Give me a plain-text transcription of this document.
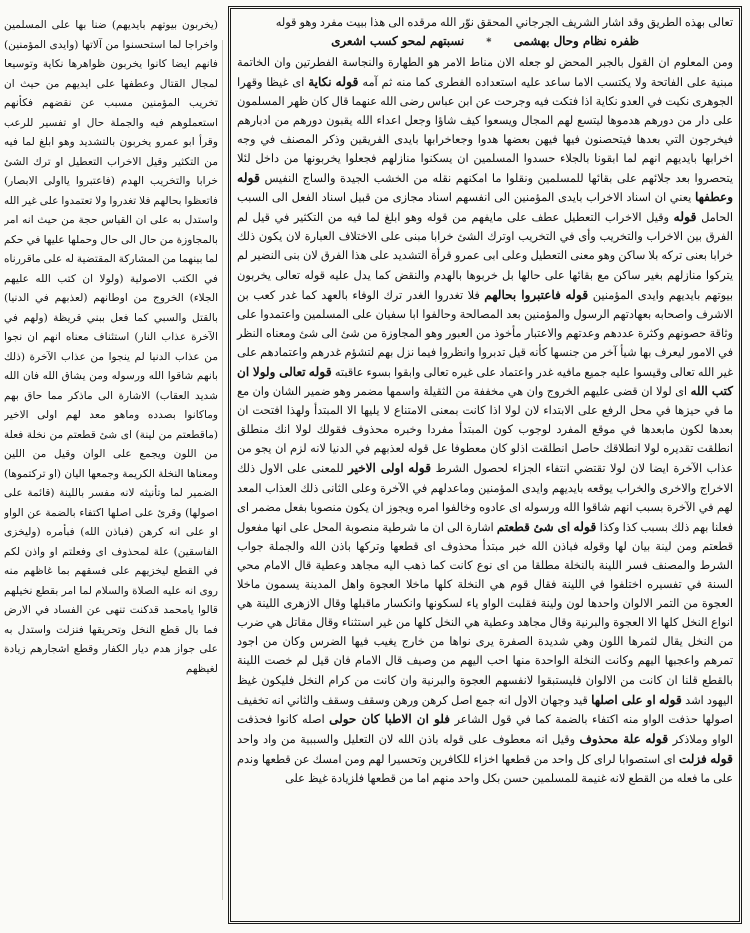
(يخربون بيوتهم بايديهم) ضنا بها على المسلمين واخراجا لما استحسنوا من آلاتها (وايدى المؤمنين) فانهم ايضا كانوا يخربون ظواهرها نكاية وتوسيعا لمجال القتال وعطفها على ايديهم من حيث ان تخريب المؤمنين مسبب عن نقضهم فكأنهم استعملوهم فيه والجملة حال او تفسير للرعب وقرأ ابو عمرو يخربون بالتشديد وهو ابلغ لما فيه من التكثير وقيل الاخراب التعطيل او ترك الشئ خرابا والتخريب الهدم (فاعتبروا يااولى الابصار) فاتعظوا بحالهم فلا تغدروا ولا تعتمدوا على غير الله واستدل به على ان القياس حجة من حيث انه امر بالمجاوزة من حال الى حال وحملها عليها في حكم لما بينهما من المشاركة المقتضية له على ماقررناه في الكتب الاصولية (ولولا ان كتب الله عليهم الجلاء) الخروج من اوطانهم (لعذبهم في الدنيا) بالقتل والسبي كما فعل ببني قريظة (ولهم في الآخرة عذاب النار) استئناف معناه انهم ان نجوا من عذاب الدنيا لم ينجوا من عذاب الآخرة (ذلك بانهم شاقوا الله ورسوله ومن يشاق الله فان الله شديد العقاب) الاشارة الى ماذكر مما حاق بهم وماكانوا بصدده وماهو معد لهم اولى الاخير (ماقطعتم من لينة) اى شئ قطعتم من نخلة فعلة من اللون ويجمع على الوان وقيل من اللين ومعناها النخلة الكريمة وجمعها اليان (او تركتموها) الضمير لما وتأنيثه لانه مفسر باللينة (قائمة على اصولها) وقرئ على اصلها اكتفاء بالضمة عن الواو او على انه كرهن (فباذن الله) فبأمره (وليخزى الفاسقين) علة لمحذوف اى وفعلتم او واذن لكم في القطع ليخزيهم على فسقهم بما غاظهم منه روى انه عليه الصلاة والسلام لما امر بقطع نخيلهم قالوا يامحمد قدكنت تنهى عن الفساد في الارض فما بال قطع النخل وتحريقها فنزلت واستدل به على جواز هدم ديار الكفار وقطع اشجارهم زيادة لغيظهم
تعالى بهذه الطريق وقد اشار الشريف الجرجاني المحقق نوّر الله مرقده الى هذا ببيت مفرد وهو قوله
ظفره نظام وحال بهشمى * نسبتهم لمحو كسب اشعرى
ومن المعلوم ان القول بالجبر المحض لو جعله الان مناط الامر هو الطهارة والنجاسة الفطرتين وان الخاتمة مبنية على الفاتحة ولا يكتسب الاما ساعد عليه استعداده الفطرى كما منه ثم آمه قوله نكاية اى غيظا وقهرا الجوهرى نكيت في العدو نكاية اذا فتكت فيه وجرحت عن ابن عباس رضى الله عنهما قال كان ظهر المسلمون على دار من دورهم هدموها ليتسع لهم المجال ويسعوا كيف شاؤا وجعل اعداء الله يقبون دورهم من ادبارهم فيخرجون التي بعدها فيتحصنون فيها فيهن بعضها هدوا وجعاخرابها بايدى الفريقين وذكر المصنف في وجه اخرابها بايديهم انهم لما ابقونا بالجلاء حسدوا المسلمين ان يسكنوا منازلهم فجعلوا يخربونها من داخل لئلا يتحصروا بعد جلائهم على بقائها للمسلمين ونقلوا ما امكنهم نقله من الخشب الجيدة والساج النفيس قوله وعطفها يعني ان اسناد الاخراب بايدى المؤمنين الى انفسهم اسناد مجازى من قبيل اسناد الفعل الى السبب الحامل قوله وقيل الاخراب التعطيل عطف على مايفهم من قوله وهو ابلغ لما فيه من التكثير في قيل لم الفرق بين الاخراب والتخريب وأى في التخريب اوترك الشئ خرابا مبنى على الاختلاف العبارة لان يكون ذلك خرابا بعنى تركه بلا ساكن وهو معنى التعطيل وعلى ابى عمرو قرأة التشديد على هذا الفرق لان بنى النضير لم يتركوا منازلهم بغير ساكن مع بقائها على حالها بل خربوها بالهدم والنقض كما يدل عليه قوله تعالى يخربون بيوتهم بايديهم وايدى المؤمنين قوله فاعتبروا بحالهم فلا تغدروا الغدر ترك الوفاء بالعهد كما غدر كعب بن الاشرف واصحابه بعهادتهم الرسول والمؤمنين بعد المصالحة وحالفوا ابا سفيان على المسلمين واعتمدوا على وثاقة حصونهم وكثرة عددهم وعدتهم والاعتبار مأخوذ من العبور وهو المجاوزة من شئ الى شئ ومعناه النظر في الامور ليعرف بها شيأ آخر من جنسها كأنه قيل تدبروا وانظروا فيما نزل بهم لتشؤم غدرهم واعتمادهم على غير الله تعالى وقيسوا عليه جميع مافيه غدر واعتماد على غيره تعالى وابقوا بسوء عاقبته قوله تعالى ولولا ان كتب الله اى لولا ان قضى عليهم الخروج وان هي مخففة من الثقيلة واسمها مضمر وهو ضمير الشان وان مع ما في حيزها في محل الرفع على الابتداء لان لولا اذا كانت بمعنى الامتناع لا يليها الا المبتدأ ولهذا افتحت ان بعدها لكون مابعدها في موقع المفرد لوجوب كون المبتدأ مفردا وخبره محذوف فقولك لولا انك منطلق انطلقت تقديره لولا انطلاقك حاصل انطلقت اذلو كان معطوفا عل قوله لعذبهم في الدنيا لانه لزم ان يجو من عذاب الآخرة ايضا لان لولا تقتضي انتفاء الجزاء لحصول الشرط قوله اولى الاخير للمعنى على الاول ذلك الاخراج والاخرى والخراب يوقعه بايديهم وايدى المؤمنين وماعدلهم في الآخرة وعلى الثانى ذلك العذاب المعد لهم في الآخرة بسبب انهم شاقوا الله ورسوله اى عادوه وخالفوا امره ويجوز ان يكون منصوبا بفعل مضمر اى فعلنا بهم ذلك بسبب كذا وكذا قوله اى شئ قطعتم اشارة الى ان ما شرطية منصوبة المحل على انها مفعول قطعتم ومن لينة بيان لها وقوله فباذن الله خبر مبتدأ محذوف اى قطعها وتركها باذن الله والجملة جواب الشرط والمصنف فسر اللينة بالنخلة مطلقا من اى نوع كانت كما ذهب اليه مجاهد وعطية قال الامام محي السنة في تفسيره اختلفوا في اللينة فقال قوم هي النخلة كلها ماخلا العجوة واهل المدينة يسمون ماخلا العجوة من التمر الالوان واحدها لون ولينة فقلبت الواو ياء لسكونها وانكسار ماقبلها وقال الازهرى اللينة هي انواع النخل كلها الا العجوة والبرنية وقال مجاهد وعطية هي النخل كلها من غير استثناء وقال مقاتل هي ضرب من النخل يقال لثمرها اللون وهي شديدة الصفرة يرى نواها من خارج يغيب فيها الضرس وكان من اجود تمرهم واعجبها اليهم وكانت النخلة الواحدة منها احب اليهم من وصيف قال الامام فان قيل لم خصت اللينة بالقطع قلنا ان كانت من الالوان فليستبقوا لانفسهم العجوة والبرنية وان كانت من كرام النخل فليكون غيظ اليهود اشد قوله او على اصلها قيد وجهان الاول انه جمع اصل كرهن ورهن وسقف وسقف والثاني انه تخفيف اصولها حذفت الواو منه اكتفاء بالضمة كما في قول الشاعر فلو ان الاطبا كان حولى اصله كانوا فحذفت الواو وملاذكر قوله علة محذوف وقيل انه معطوف على قوله باذن الله لان التعليل والسببية من واد واحد قوله فزلت اى استصوابا لراى كل واحد من قطعها اخزاء للكافرين وتحسيرا لهم ومن امسك عن قطعها وندم على ما فعله من القطع لانه غنيمة للمسلمين حسن بكل واحد منهم اما من قطعها فلزيادة غيظ على
